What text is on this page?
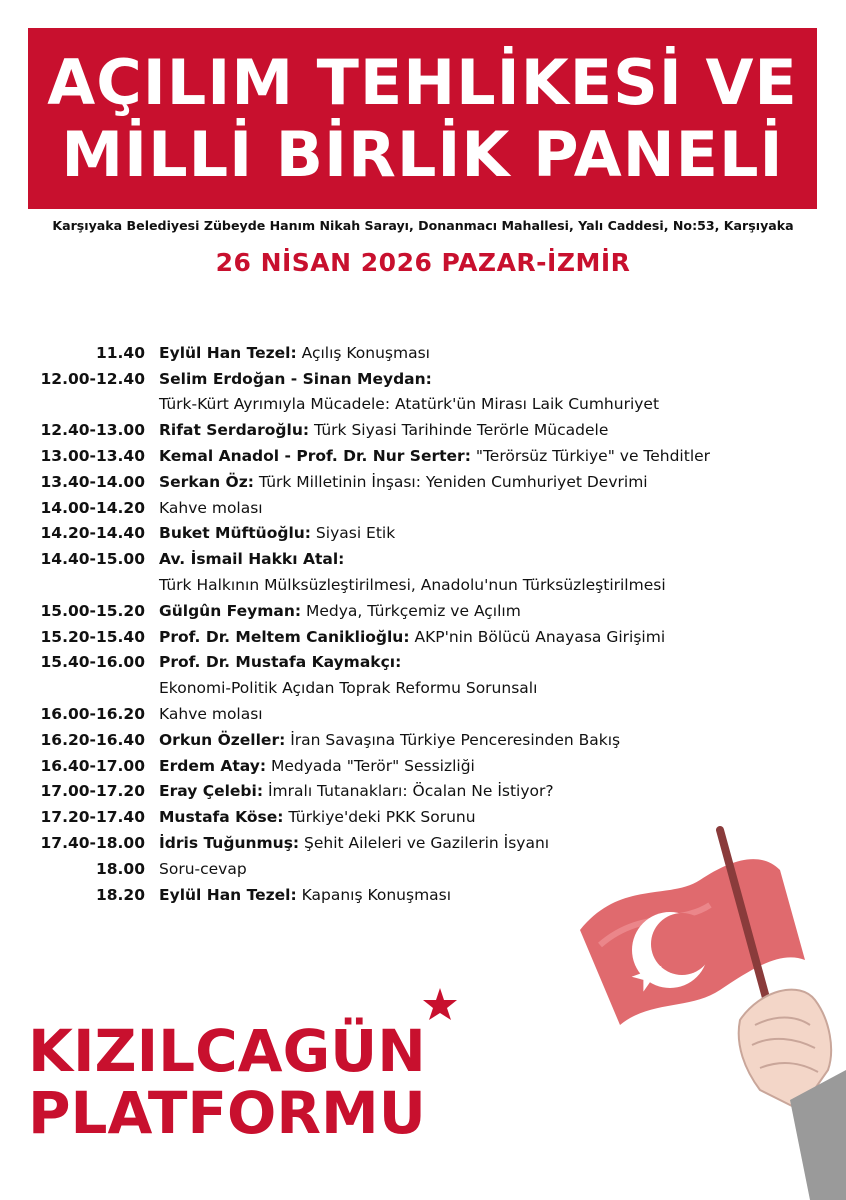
AÇILIM TEHLİKESİ VE
MİLLİ BİRLİK PANELİ
Karşıyaka Belediyesi Zübeyde Hanım Nikah Sarayı, Donanmacı Mahallesi, Yalı Caddesi, No:53, Karşıyaka
26 NİSAN 2026 PAZAR-İZMİR
11.40 Eylül Han Tezel: Açılış Konuşması
12.00-12.40 Selim Erdoğan - Sinan Meydan:
Türk-Kürt Ayrımıyla Mücadele: Atatürk'ün Mirası Laik Cumhuriyet
12.40-13.00 Rifat Serdaroğlu: Türk Siyasi Tarihinde Terörle Mücadele
13.00-13.40 Kemal Anadol - Prof. Dr. Nur Serter: "Terörsüz Türkiye" ve Tehditler
13.40-14.00 Serkan Öz: Türk Milletinin İnşası: Yeniden Cumhuriyet Devrimi
14.00-14.20 Kahve molası
14.20-14.40 Buket Müftüoğlu: Siyasi Etik
14.40-15.00 Av. İsmail Hakkı Atal:
Türk Halkının Mülksüzleştirilmesi, Anadolu'nun Türksüzleştirilmesi
15.00-15.20 Gülgûn Feyman: Medya, Türkçemiz ve Açılım
15.20-15.40 Prof. Dr. Meltem Caniklioğlu: AKP'nin Bölücü Anayasa Girişimi
15.40-16.00 Prof. Dr. Mustafa Kaymakçı:
Ekonomi-Politik Açıdan Toprak Reformu Sorunsalı
16.00-16.20 Kahve molası
16.20-16.40 Orkun Özeller: İran Savaşına Türkiye Penceresinden Bakış
16.40-17.00 Erdem Atay: Medyada "Terör" Sessizliği
17.00-17.20 Eray Çelebi: İmralı Tutanakları: Öcalan Ne İstiyor?
17.20-17.40 Mustafa Köse: Türkiye'deki PKK Sorunu
17.40-18.00 İdris Tuğunmuş: Şehit Aileleri ve Gazilerin İsyanı
18.00 Soru-cevap
18.20 Eylül Han Tezel: Kapanış Konuşması
KIZILCAGÜN
PLATFORMU
